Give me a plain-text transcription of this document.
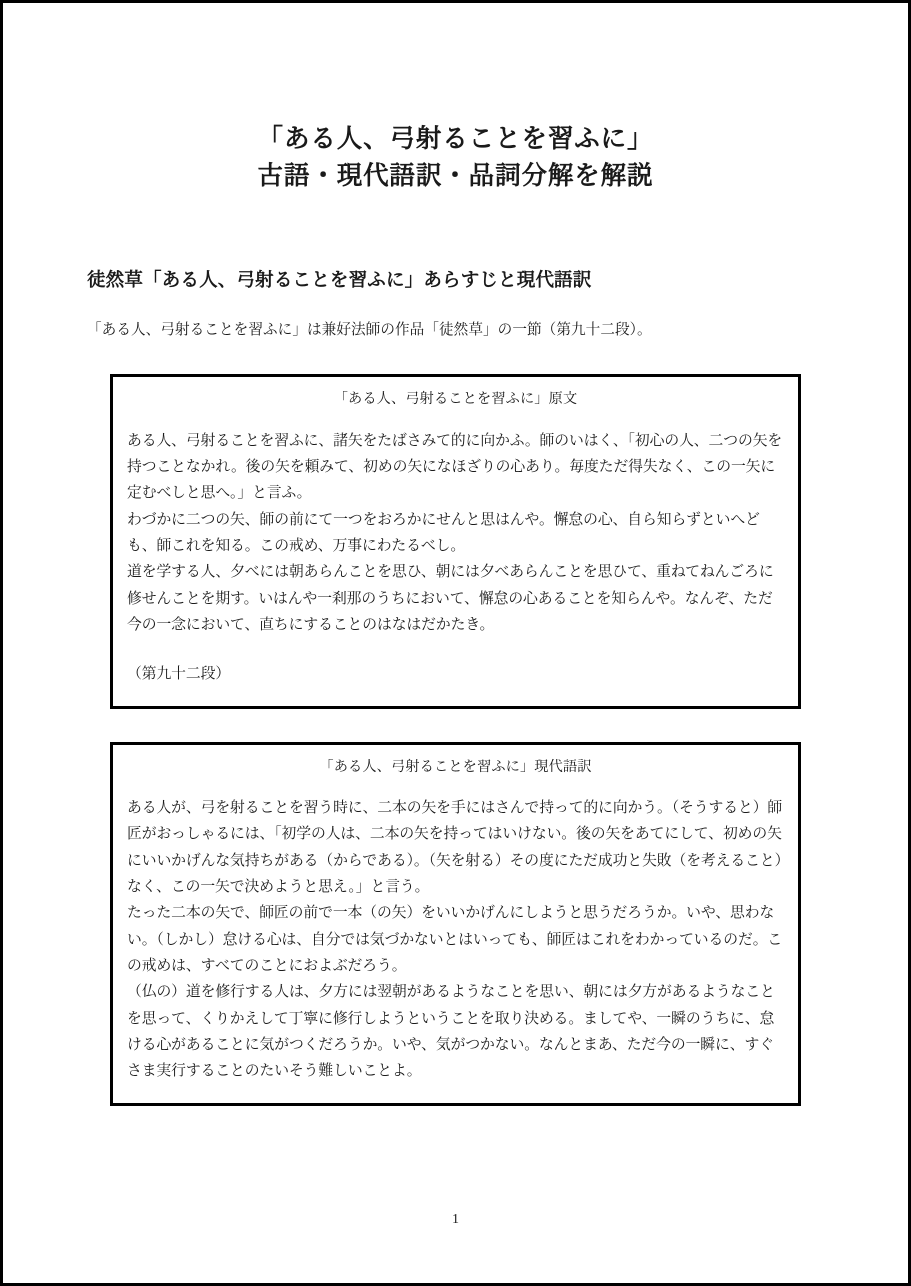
「ある人、弓射ることを習ふに」
古語・現代語訳・品詞分解を解説
徒然草「ある人、弓射ることを習ふに」あらすじと現代語訳

「ある人、弓射ることを習ふに」は兼好法師の作品「徒然草」の一節（第九十二段）。

「ある人、弓射ることを習ふに」原文

ある人、弓射ることを習ふに、諸矢をたばさみて的に向かふ。師のいはく、「初心の人、二つの矢を持つことなかれ。後の矢を頼みて、初めの矢になほざりの心あり。毎度ただ得失なく、この一矢に定むべしと思へ。」と言ふ。

わづかに二つの矢、師の前にて一つをおろかにせんと思はんや。懈怠の心、自ら知らずといへども、師これを知る。この戒め、万事にわたるべし。

道を学する人、夕べには朝あらんことを思ひ、朝には夕べあらんことを思ひて、重ねてねんごろに修せんことを期す。いはんや一刹那のうちにおいて、懈怠の心あることを知らんや。なんぞ、ただ今の一念において、直ちにすることのはなはだかたき。

（第九十二段）

「ある人、弓射ることを習ふに」現代語訳

ある人が、弓を射ることを習う時に、二本の矢を手にはさんで持って的に向かう。（そうすると）師匠がおっしゃるには、「初学の人は、二本の矢を持ってはいけない。後の矢をあてにして、初めの矢にいいかげんな気持ちがある（からである）。（矢を射る）その度にただ成功と失敗（を考えること）なく、この一矢で決めようと思え。」と言う。

たった二本の矢で、師匠の前で一本（の矢）をいいかげんにしようと思うだろうか。いや、思わない。（しかし）怠ける心は、自分では気づかないとはいっても、師匠はこれをわかっているのだ。この戒めは、すべてのことにおよぶだろう。

（仏の）道を修行する人は、夕方には翌朝があるようなことを思い、朝には夕方があるようなことを思って、くりかえして丁寧に修行しようということを取り決める。ましてや、一瞬のうちに、怠ける心があることに気がつくだろうか。いや、気がつかない。なんとまあ、ただ今の一瞬に、すぐさま実行することのたいそう難しいことよ。

1
